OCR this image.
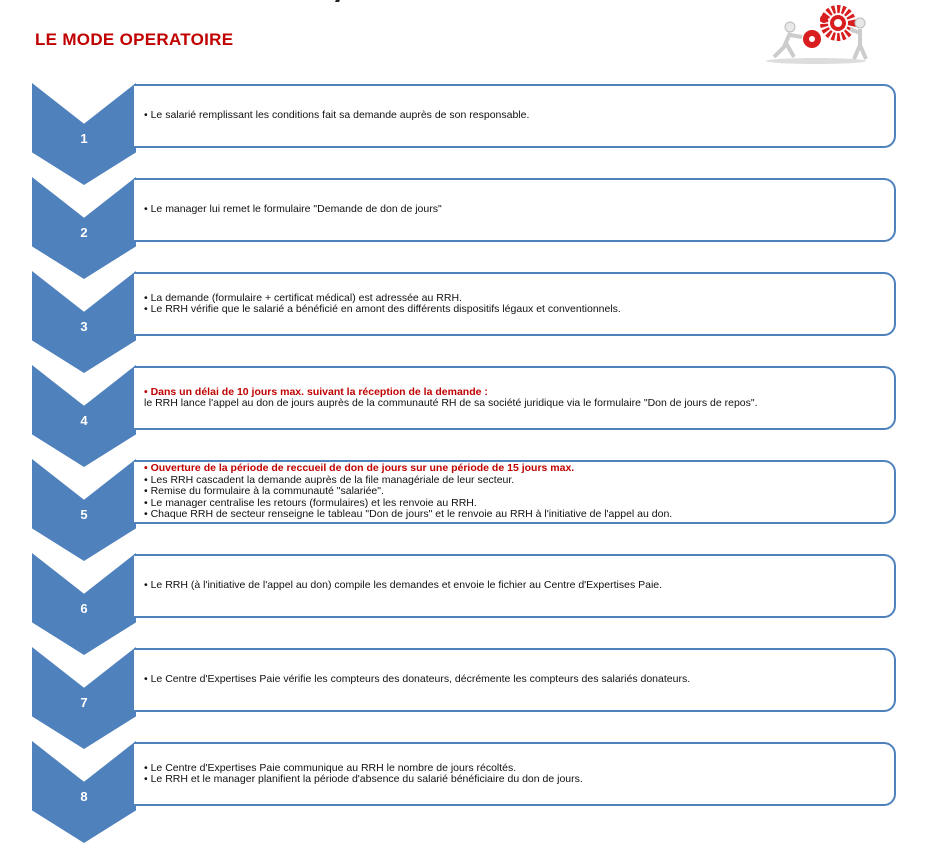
LE MODE OPERATOIRE
• Le salarié remplissant les conditions fait sa demande auprès de son responsable.
1
• Le manager lui remet le formulaire "Demande de don de jours"
2
• La demande (formulaire + certificat médical) est adressée au RRH.
• Le RRH vérifie que le salarié a bénéficié en amont des différents dispositifs légaux et conventionnels.
3
• Dans un délai de 10 jours max. suivant la réception de la demande :
le RRH lance l'appel au don de jours auprès de la communauté RH de sa société juridique via le formulaire "Don de jours de repos".
4
• Ouverture de la période de reccueil de don de jours sur une période de 15 jours max.
• Les RRH cascadent la demande auprès de la file managériale de leur secteur.
• Remise du formulaire à la communauté "salariée".
• Le manager centralise les retours (formulaires) et les renvoie au RRH.
• Chaque RRH de secteur renseigne le tableau "Don de jours" et le renvoie au RRH à l'initiative de l'appel au don.
5
• Le RRH (à l'initiative de l'appel au don) compile les demandes et envoie le fichier au Centre d'Expertises Paie.
6
• Le Centre d'Expertises Paie vérifie les compteurs des donateurs, décrémente les compteurs des salariés donateurs.
7
• Le Centre d'Expertises Paie communique au RRH le nombre de jours récoltés.
• Le RRH et le manager planifient la période d'absence du salarié bénéficiaire du don de jours.
8
